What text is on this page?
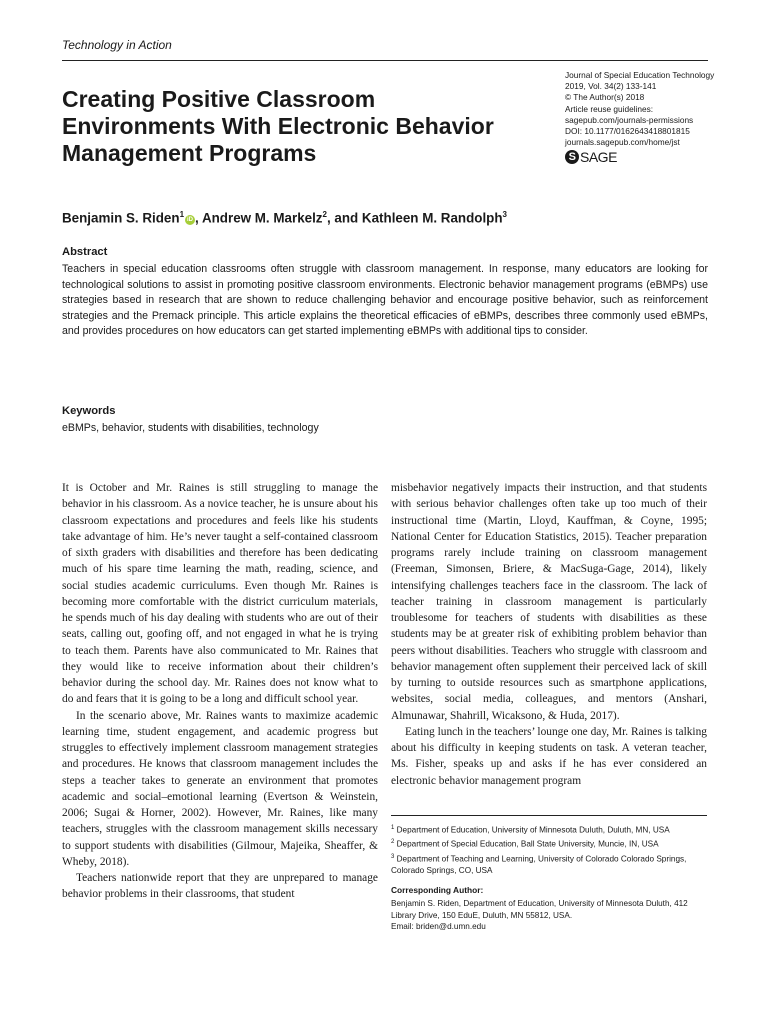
Technology in Action
Creating Positive Classroom Environments With Electronic Behavior Management Programs
Journal of Special Education Technology
2019, Vol. 34(2) 133-141
© The Author(s) 2018
Article reuse guidelines:
sagepub.com/journals-permissions
DOI: 10.1177/0162643418801815
journals.sagepub.com/home/jst
S SAGE
Benjamin S. Riden$^1$iD , Andrew M. Markelz$^2$, and Kathleen M. Randolph$^3$
Abstract

Teachers in special education classrooms often struggle with classroom management. In response, many educators are looking for technological solutions to assist in promoting positive classroom environments. Electronic behavior management programs (eBMPs) use strategies based in research that are shown to reduce challenging behavior and encourage positive behavior, such as reinforcement strategies and the Premack principle. This article explains the theoretical efficacies of eBMPs, describes three commonly used eBMPs, and provides procedures on how educators can get started implementing eBMPs with additional tips to consider.

Keywords
eBMPs, behavior, students with disabilities, technology

It is October and Mr. Raines is still struggling to manage the behavior in his classroom. As a novice teacher, he is unsure about his classroom expectations and procedures and feels like his students take advantage of him. He’s never taught a self-contained classroom of sixth graders with disabilities and therefore has been dedicating much of his spare time learning the math, reading, science, and social studies academic curriculums. Even though Mr. Raines is becoming more comfortable with the district curriculum materials, he spends much of his day dealing with students who are out of their seats, calling out, goofing off, and not engaged in what he is trying to teach them. Parents have also communicated to Mr. Raines that they would like to receive information about their children’s behavior during the school day. Mr. Raines does not know what to do and fears that it is going to be a long and difficult school year.

In the scenario above, Mr. Raines wants to maximize academic learning time, student engagement, and academic progress but struggles to effectively implement classroom management strategies and procedures. He knows that classroom management includes the steps a teacher takes to generate an environment that promotes academic and social–emotional learning (Evertson & Weinstein, 2006; Sugai & Horner, 2002). However, Mr. Raines, like many teachers, struggles with the classroom management skills necessary to support students with disabilities (Gilmour, Majeika, Sheaffer, & Wheby, 2018).

Teachers nationwide report that they are unprepared to manage behavior problems in their classrooms, that student

misbehavior negatively impacts their instruction, and that students with serious behavior challenges often take up too much of their instructional time (Martin, Lloyd, Kauffman, & Coyne, 1995; National Center for Education Statistics, 2015). Teacher preparation programs rarely include training on classroom management (Freeman, Simonsen, Briere, & MacSuga-Gage, 2014), likely intensifying challenges teachers face in the classroom. The lack of teacher training in classroom management is particularly troublesome for teachers of students with disabilities as these students may be at greater risk of exhibiting problem behavior than peers without disabilities. Teachers who struggle with classroom and behavior management often supplement their perceived lack of skill by turning to outside resources such as smartphone applications, websites, social media, colleagues, and mentors (Anshari, Almunawar, Shahrill, Wicaksono, & Huda, 2017).

Eating lunch in the teachers’ lounge one day, Mr. Raines is talking about his difficulty in keeping students on task. A veteran teacher, Ms. Fisher, speaks up and asks if he has ever considered an electronic behavior management program

$^1$ Department of Education, University of Minnesota Duluth, Duluth, MN, USA
$^2$ Department of Special Education, Ball State University, Muncie, IN, USA
$^3$ Department of Teaching and Learning, University of Colorado Colorado Springs, Colorado Springs, CO, USA
Corresponding Author:
Benjamin S. Riden, Department of Education, University of Minnesota Duluth, 412 Library Drive, 150 EduE, Duluth, MN 55812, USA.
Email: briden@d.umn.edu
